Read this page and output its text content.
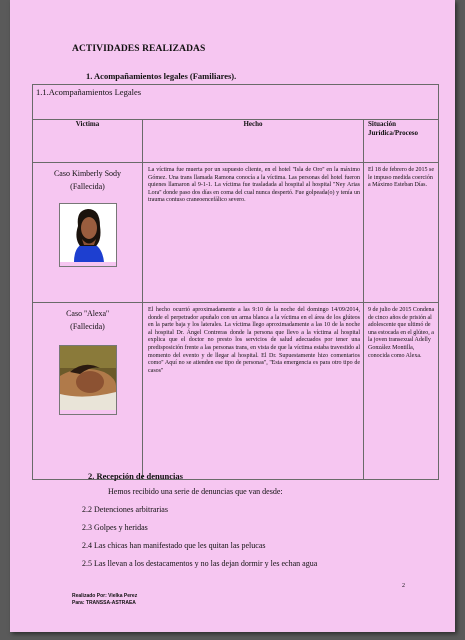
ACTIVIDADES REALIZADAS
1. Acompañamientos legales (Familiares).
1.1.Acompañamientos Legales		
Victima	Hecho	Situación Jurídica/Proceso

Caso Kimberly Sody
(Fallecida)	La víctima fue muerta por un supuesto cliente, en el hotel ''Isla de Oro'' en la máximo Gómez. Una trans llamada Ramona conocía a la víctima. Las personas del hotel fueron quienes llamaron al 9-1-1. La víctima fue trasladada al hospital al hospital ''Ney Arias Lora'' donde paso dos días en coma del cual nunca despertó. Fue golpeada(o) y tenía un trauma contuso craneoencefálico severo.	El 18 de febrero de 2015 se le impuso medida coerción a Máximo Esteban Días.

Caso ''Alexa''
(Fallecida)	El hecho ocurrió aproximadamente a las 9:10 de la noche del domingo 14/09/2014, donde el perpetrador apuñalo con un arma blanca a la víctima en el área de los glúteos en la parte baja y los laterales. La víctima llego aproximadamente a las 10 de la noche al hospital Dr. Ángel Contreras donde la persona que llevo a la víctima al hospital explica que el doctor no presto los servicios de salud adecuados por tener una predisposición frente a las personas trans, en vista de que la víctima estaba travestido al momento del evento y de llegar al hospital. El Dr. Supuestamente hizo comentarios como'' Aquí no se atienden ese tipo de personas'', ''Esta emergencia es para otro tipo de casos''	9 de julio de 2015 Condena de cinco años de prisión al adolescente que ultimó de una estocada en el glúteo, a la joven transexual Adelly González Montilla, conocida como Alexa.
2. Recepción de denuncias
Hemos recibido una serie de denuncias que van desde:
2.2 Detenciones arbitrarias
2.3 Golpes y heridas
2.4 Las chicas han manifestado que les quitan las pelucas
2.5 Las llevan a los destacamentos y no las dejan dormir y les echan agua
Realizado Por: Vielka Perez
Para: TRANSSA-ASTRAEA
2
